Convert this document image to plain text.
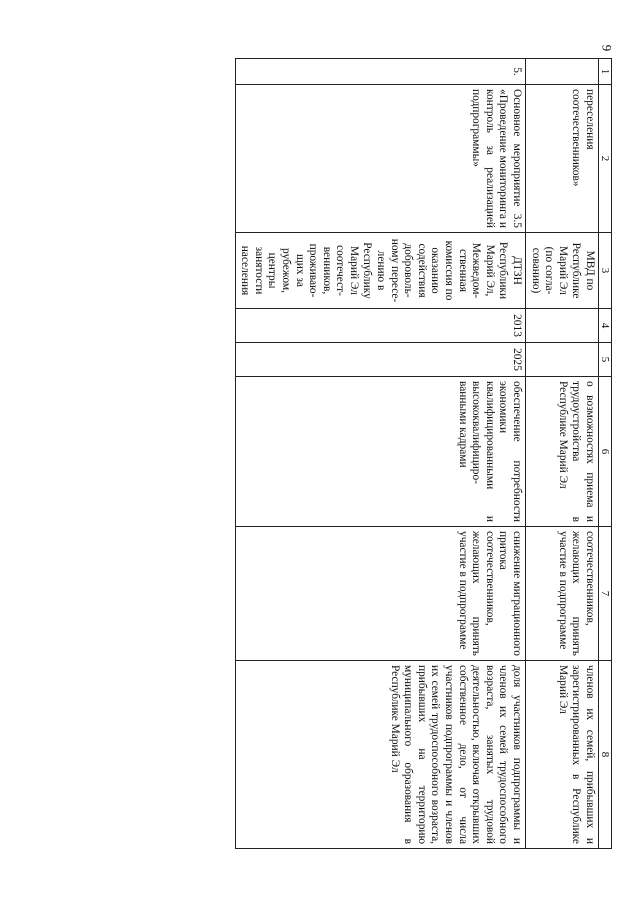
9
1	2	3	4	5	6	7	8
	переселения соотечественников»	МВД по Республике Марий Эл (по согла-сованию)			о возможностях приема и трудоустройства в Республике Марий Эл	соотечественников, желающих принять участие в подпрограмме	членов их семей, прибывших и зарегистрированных в Республике Марий Эл
5.	Основное мероприятие 3.5 «Проведение мониторинга и контроль за реализацией подпрограммы»	ДТЗН Республики Марий Эл, Межведом-ственная комиссия по оказанию содействия доброволь-ному пересе-лению в Республику Марий Эл соотечест-венников, проживаю-щих за рубежом, центры занятости населения	2013	2025	обеспечение потребности экономики квалифицированными и высококвалифициро-ванными кадрами	снижение миграционного притока соотечественников, желающих принять участие в подпрограмме	доля участников подпрограммы и членов их семей трудоспособного возраста, занятых трудовой деятельностью, включая открывших собственное дело, от числа участников подпрограммы и членов их семей трудоспособного возраста, прибывших на территорию муниципального образования в Республике Марий Эл
